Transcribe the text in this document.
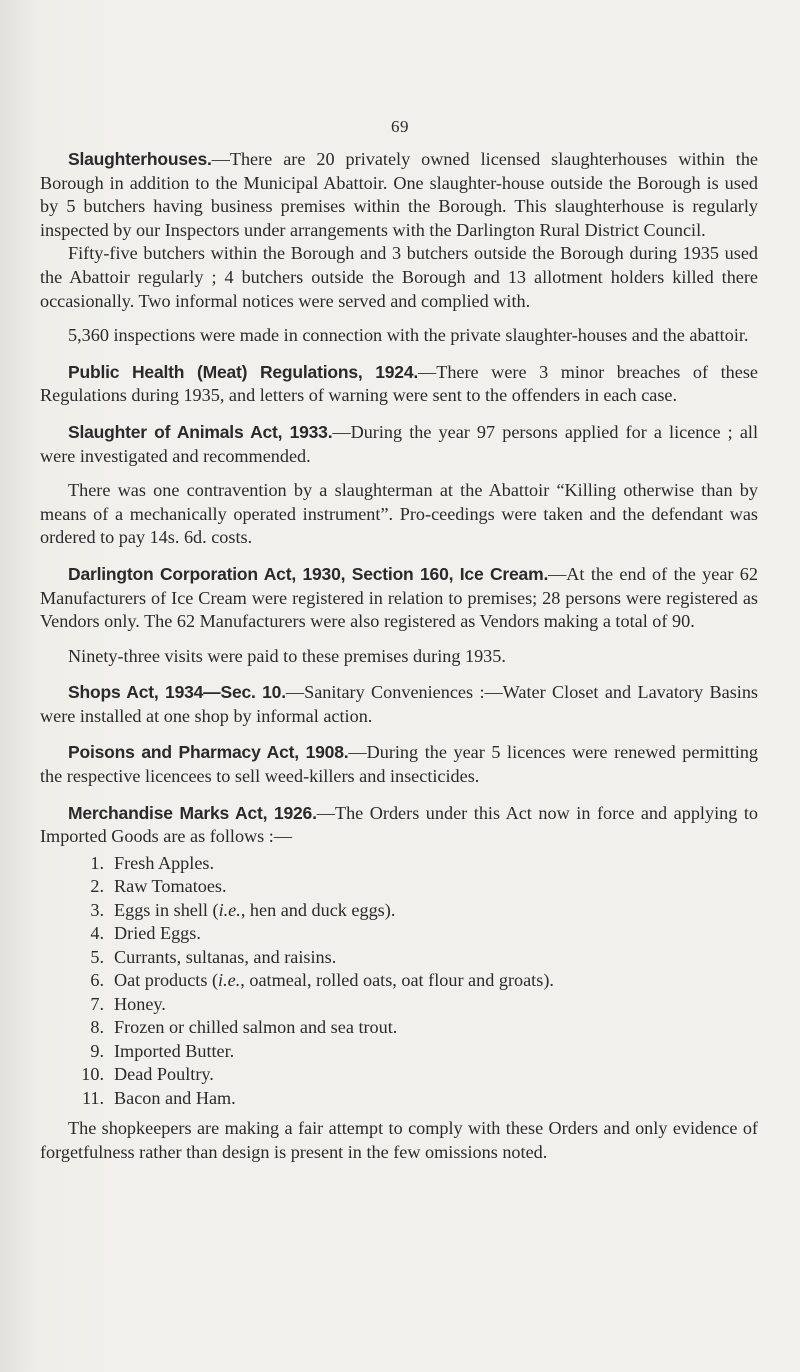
69

Slaughterhouses.—There are 20 privately owned licensed slaughterhouses within the Borough in addition to the Municipal Abattoir. One slaughter-house outside the Borough is used by 5 butchers having business premises within the Borough. This slaughterhouse is regularly inspected by our Inspectors under arrangements with the Darlington Rural District Council.

Fifty-five butchers within the Borough and 3 butchers outside the Borough during 1935 used the Abattoir regularly ; 4 butchers outside the Borough and 13 allotment holders killed there occasionally. Two informal notices were served and complied with.

5,360 inspections were made in connection with the private slaughter-houses and the abattoir.

Public Health (Meat) Regulations, 1924.—There were 3 minor breaches of these Regulations during 1935, and letters of warning were sent to the offenders in each case.

Slaughter of Animals Act, 1933.—During the year 97 persons applied for a licence ; all were investigated and recommended.

There was one contravention by a slaughterman at the Abattoir “Killing otherwise than by means of a mechanically operated instrument”. Pro-ceedings were taken and the defendant was ordered to pay 14s. 6d. costs.

Darlington Corporation Act, 1930, Section 160, Ice Cream.—At the end of the year 62 Manufacturers of Ice Cream were registered in relation to premises; 28 persons were registered as Vendors only. The 62 Manufacturers were also registered as Vendors making a total of 90.

Ninety-three visits were paid to these premises during 1935.

Shops Act, 1934—Sec. 10.—Sanitary Conveniences :—Water Closet and Lavatory Basins were installed at one shop by informal action.

Poisons and Pharmacy Act, 1908.—During the year 5 licences were renewed permitting the respective licencees to sell weed-killers and insecticides.

Merchandise Marks Act, 1926.—The Orders under this Act now in force and applying to Imported Goods are as follows :—

1. Fresh Apples.
2. Raw Tomatoes.
3. Eggs in shell (i.e., hen and duck eggs).
4. Dried Eggs.
5. Currants, sultanas, and raisins.
6. Oat products (i.e., oatmeal, rolled oats, oat flour and groats).
7. Honey.
8. Frozen or chilled salmon and sea trout.
9. Imported Butter.
10. Dead Poultry.
11. Bacon and Ham.

The shopkeepers are making a fair attempt to comply with these Orders and only evidence of forgetfulness rather than design is present in the few omissions noted.
